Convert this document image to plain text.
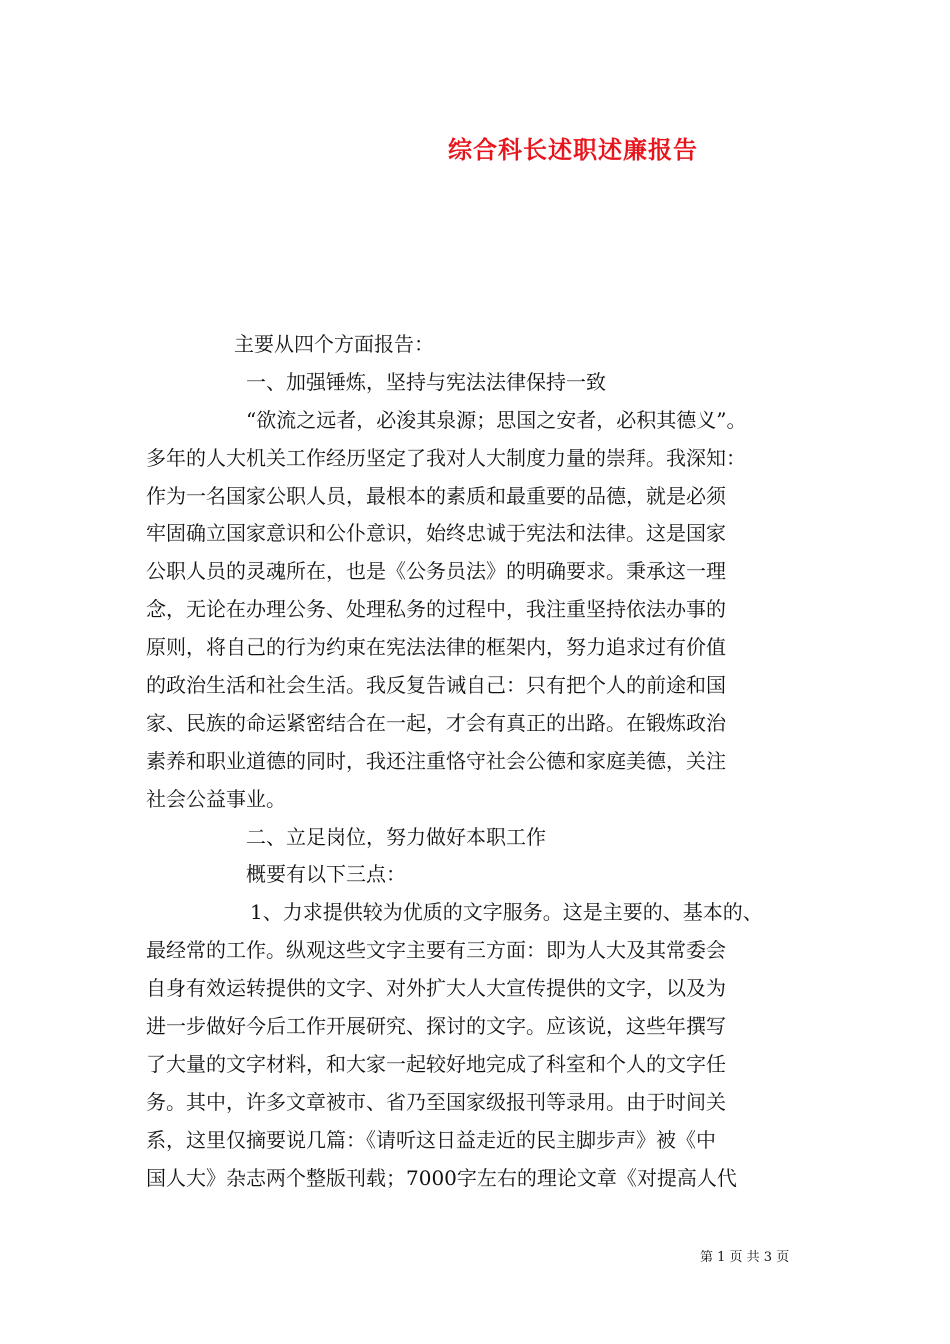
综合科长述职述廉报告
主要从四个方面报告：
一、加强锤炼，坚持与宪法法律保持一致
“欲流之远者，必浚其泉源；思国之安者，必积其德义”。
多年的人大机关工作经历坚定了我对人大制度力量的崇拜。我深知：
作为一名国家公职人员，最根本的素质和最重要的品德，就是必须
牢固确立国家意识和公仆意识，始终忠诚于宪法和法律。这是国家
公职人员的灵魂所在，也是《公务员法》的明确要求。秉承这一理
念，无论在办理公务、处理私务的过程中，我注重坚持依法办事的
原则，将自己的行为约束在宪法法律的框架内，努力追求过有价值
的政治生活和社会生活。我反复告诫自己：只有把个人的前途和国
家、民族的命运紧密结合在一起，才会有真正的出路。在锻炼政治
素养和职业道德的同时，我还注重恪守社会公德和家庭美德，关注
社会公益事业。
二、立足岗位，努力做好本职工作
概要有以下三点：
1、力求提供较为优质的文字服务。这是主要的、基本的、
最经常的工作。纵观这些文字主要有三方面：即为人大及其常委会
自身有效运转提供的文字、对外扩大人大宣传提供的文字，以及为
进一步做好今后工作开展研究、探讨的文字。应该说，这些年撰写
了大量的文字材料，和大家一起较好地完成了科室和个人的文字任
务。其中，许多文章被市、省乃至国家级报刊等录用。由于时间关
系，这里仅摘要说几篇：《请听这日益走近的民主脚步声》被《中
国人大》杂志两个整版刊载；7000字左右的理论文章《对提高人代
第 1 页 共 3 页
